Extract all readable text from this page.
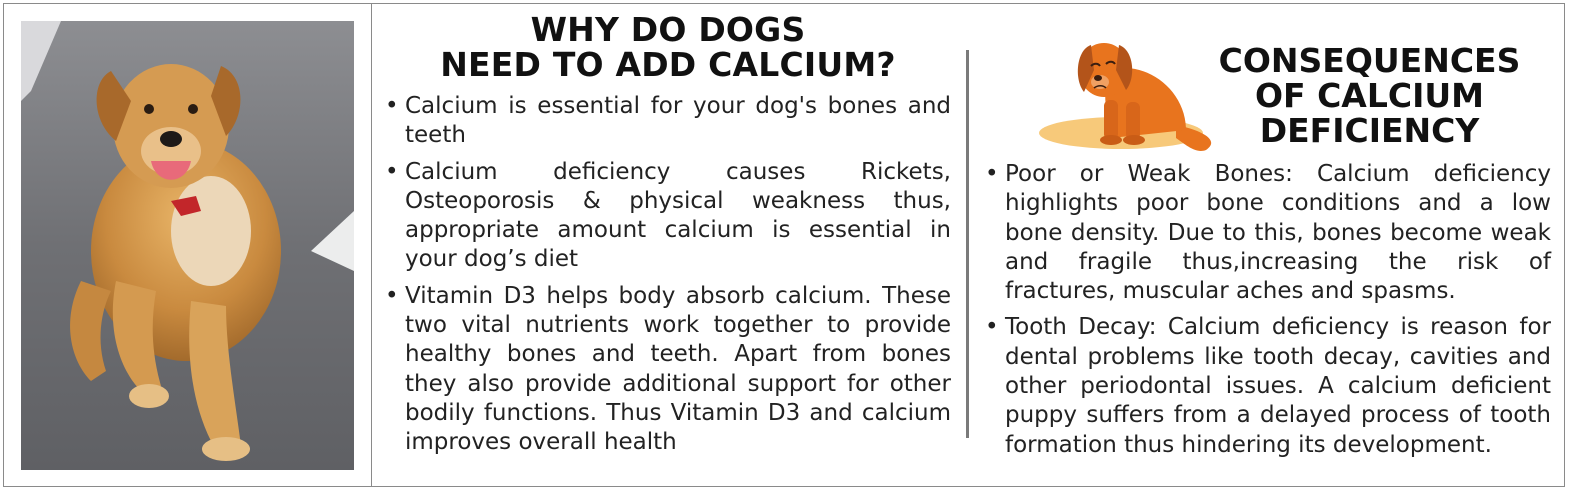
WHY DO DOGS
NEED TO ADD CALCIUM?
• Calcium is essential for your dog's bones and teeth
• Calcium deficiency causes Rickets, Osteoporosis & physical weakness thus, appropriate amount calcium is essential in your dog’s diet
• Vitamin D3 helps body absorb calcium. These two vital nutrients work together to provide healthy bones and teeth. Apart from bones they also provide additional support for other bodily functions. Thus Vitamin D3 and calcium improves overall health
CONSEQUENCES
OF CALCIUM
DEFICIENCY
• Poor or Weak Bones: Calcium deficiency highlights poor bone conditions and a low bone density. Due to this, bones become weak and fragile thus,increasing the risk of fractures, muscular aches and spasms.
• Tooth Decay: Calcium deficiency is reason for dental problems like tooth decay, cavities and other periodontal issues. A calcium deficient puppy suffers from a delayed process of tooth formation thus hindering its development.
